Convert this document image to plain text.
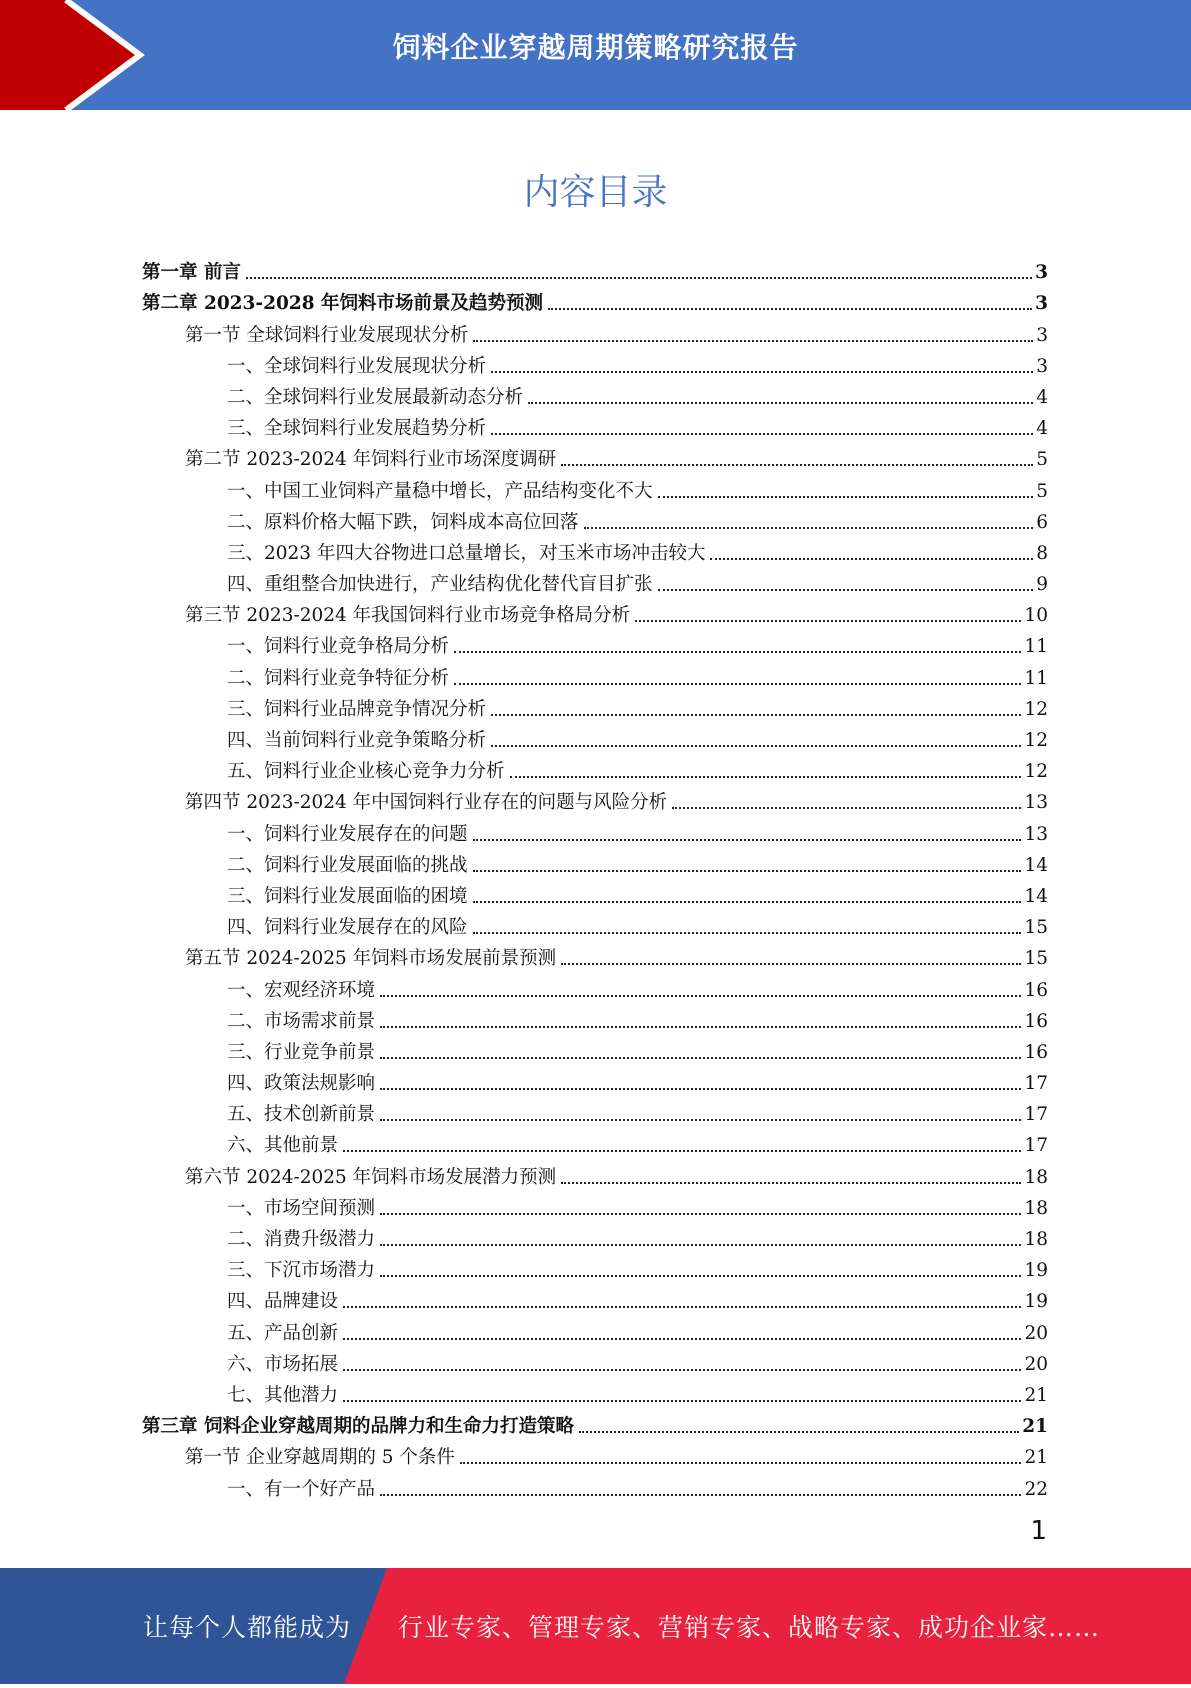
饲料企业穿越周期策略研究报告
内容目录
第一章 前言	3
第二章 2023-2028 年饲料市场前景及趋势预测	3
第一节 全球饲料行业发展现状分析	3
一、全球饲料行业发展现状分析	3
二、全球饲料行业发展最新动态分析	4
三、全球饲料行业发展趋势分析	4
第二节 2023-2024 年饲料行业市场深度调研	5
一、中国工业饲料产量稳中增长，产品结构变化不大	5
二、原料价格大幅下跌，饲料成本高位回落	6
三、2023 年四大谷物进口总量增长，对玉米市场冲击较大	8
四、重组整合加快进行，产业结构优化替代盲目扩张	9
第三节 2023-2024 年我国饲料行业市场竞争格局分析	10
一、饲料行业竞争格局分析	11
二、饲料行业竞争特征分析	11
三、饲料行业品牌竞争情况分析	12
四、当前饲料行业竞争策略分析	12
五、饲料行业企业核心竞争力分析	12
第四节 2023-2024 年中国饲料行业存在的问题与风险分析	13
一、饲料行业发展存在的问题	13
二、饲料行业发展面临的挑战	14
三、饲料行业发展面临的困境	14
四、饲料行业发展存在的风险	15
第五节 2024-2025 年饲料市场发展前景预测	15
一、宏观经济环境	16
二、市场需求前景	16
三、行业竞争前景	16
四、政策法规影响	17
五、技术创新前景	17
六、其他前景	17
第六节 2024-2025 年饲料市场发展潜力预测	18
一、市场空间预测	18
二、消费升级潜力	18
三、下沉市场潜力	19
四、品牌建设	19
五、产品创新	20
六、市场拓展	20
七、其他潜力	21
第三章 饲料企业穿越周期的品牌力和生命力打造策略	21
第一节 企业穿越周期的 5 个条件	21
一、有一个好产品	22
1
让每个人都能成为 行业专家、管理专家、营销专家、战略专家、成功企业家……
